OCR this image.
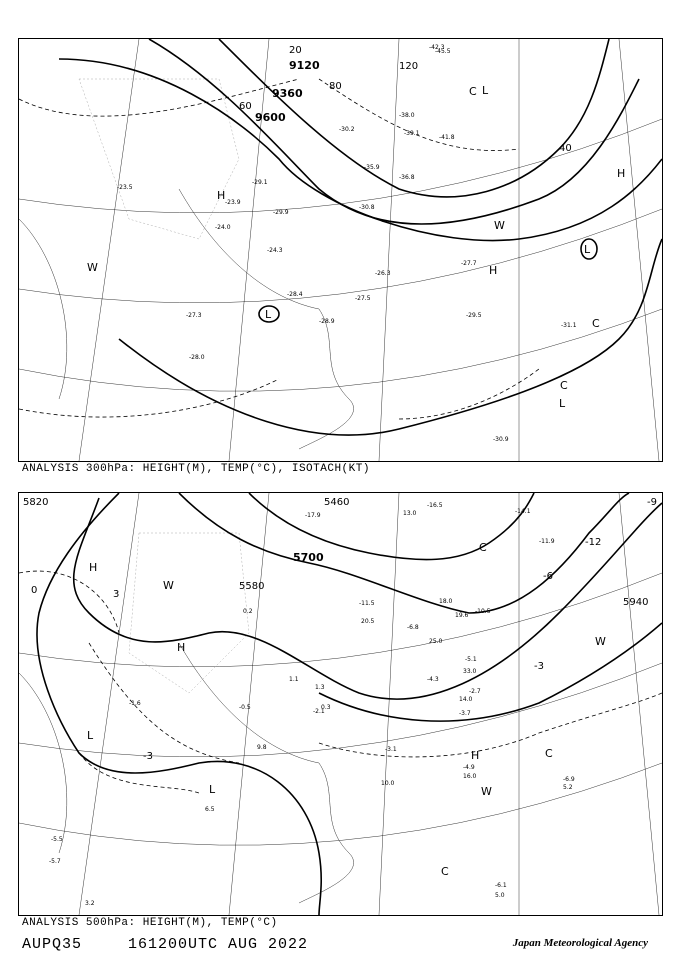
9120
9360
9600
20
40
60
80
120
H
H
H
L
L
L
L
W
W
C
C
C
-45.5
-42.3
-41.8
-38.0
-39.1
-36.8
-35.9
-30.8
-30.2
-29.9
-29.1
-28.0
-28.4
-27.3
-27.5
-27.7
-26.3
-24.3
-24.0
-23.9
-23.5
-29.5
-28.9
-31.1
-30.9
ANALYSIS 300hPa: HEIGHT(M), TEMP(°C), ISOTACH(KT)
5820
5700
5940
5460
5580
-12
-9
-6
-3
0	3
-3
H
H
H
L
L
W
W
W
C
C
C
-16.5
13.0
-17.9
-14.1
-11.9
-11.5	18.0
-10.5
19.6
-6.8
20.5
25.0
-5.1
33.0
-4.3
-3.7
14.0
-3.1
10.0
-2.7
-2.1
-1.6
-0.5
0.2
0.3
1.1
1.3
-4.9
16.0
-6.1
5.0
6.5
9.8
-6.9
5.2
-5.5
-5.7
3.2
ANALYSIS 500hPa: HEIGHT(M), TEMP(°C)
AUPQ35	161200UTC AUG 2022	Japan Meteorological Agency
